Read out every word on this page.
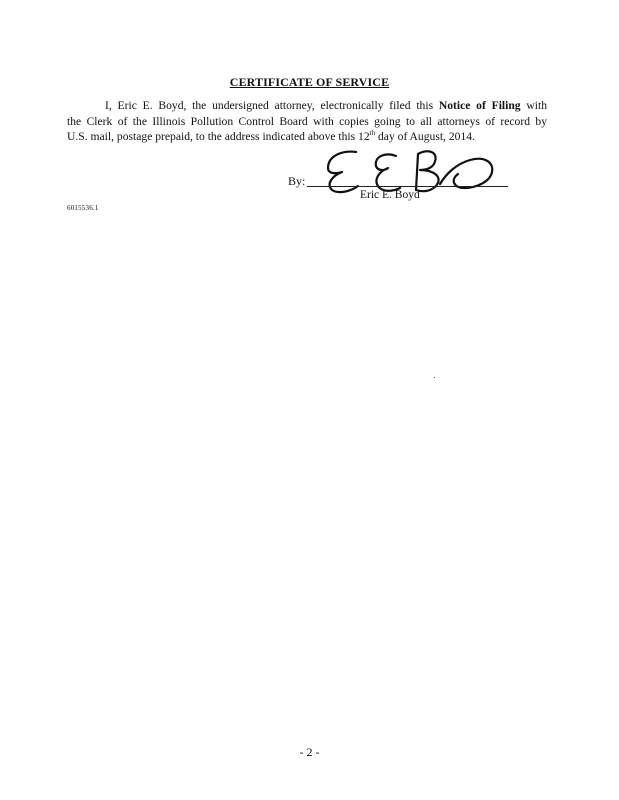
CERTIFICATE OF SERVICE
I, Eric E. Boyd, the undersigned attorney, electronically filed this Notice of Filing with
the Clerk of the Illinois Pollution Control Board with copies going to all attorneys of record by
U.S. mail, postage prepaid, to the address indicated above this 12th day of August, 2014.
By:
Eric E. Boyd
6015536.1
- 2 -
